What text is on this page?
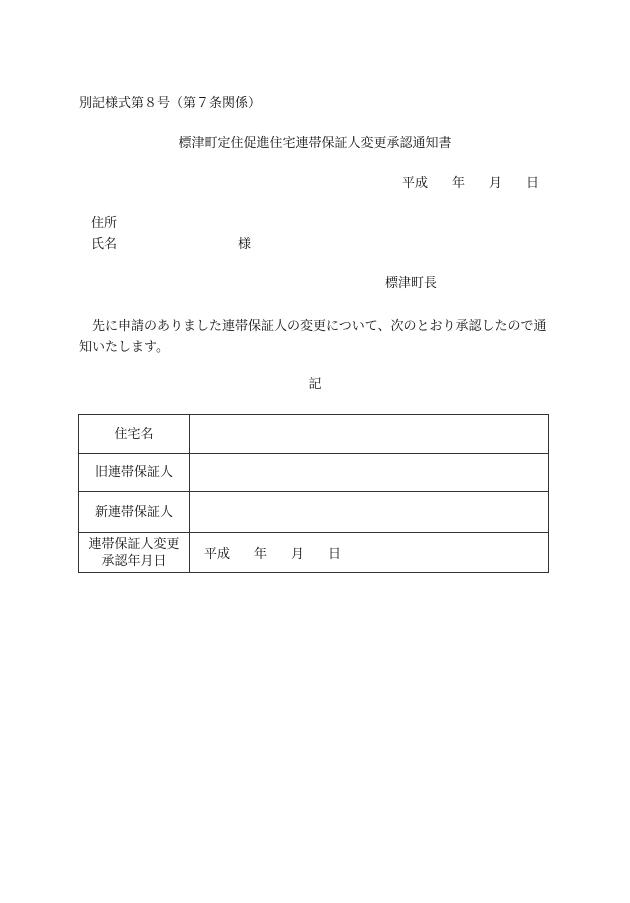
別記様式第８号（第７条関係）
標津町定住促進住宅連帯保証人変更承認通知書
平成 年 月 日
住所
氏名	様
標津町長
先に申請のありました連帯保証人の変更について、次のとおり承認したので通知いたします。
記
住宅名	
旧連帯保証人	
新連帯保証人	

連帯保証人変更
承認年月日	平成 年 月 日
